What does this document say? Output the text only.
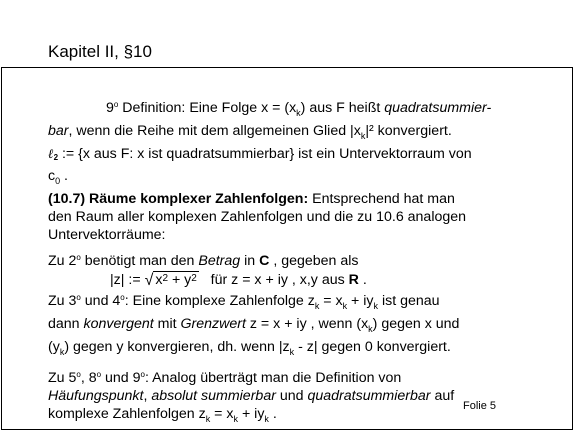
Kapitel II, §10
9$^o$ Definition: Eine Folge $x = (x_k)$ aus F heißt quadratsummier-
bar, wenn die Reihe mit dem allgemeinen Glied $|x_k|^2$ konvergiert.
ℓ2 := {x aus F: x ist quadratsummierbar} ist ein Untervektorraum von
$c_0$ .
(10.7) Räume komplexer Zahlenfolgen: Entsprechend hat man
den Raum aller komplexen Zahlenfolgen und die zu 10.6 analogen
Untervektorräume:
Zu 2$^o$ benötigt man den Betrag in C , gegeben als
|z| := √ $x^2 + y^2$ für z = x + iy , x,y aus R .
Zu 3$^o$ und 4$^o$: Eine komplexe Zahlenfolge $z_k = x_k + iy_k$ ist genau
dann konvergent mit Grenzwert z = x + iy , wenn $(x_k)$ gegen x und
$(y_k)$ gegen y konvergieren, dh. wenn $|z_k - z|$ gegen 0 konvergiert.
Zu 5$^o$, 8$^o$ und 9$^o$: Analog überträgt man die Definition von
Häufungspunkt, absolut summierbar und quadratsummierbar auf
komplexe Zahlenfolgen $z_k = x_k + iy_k$ .	Folie 5
